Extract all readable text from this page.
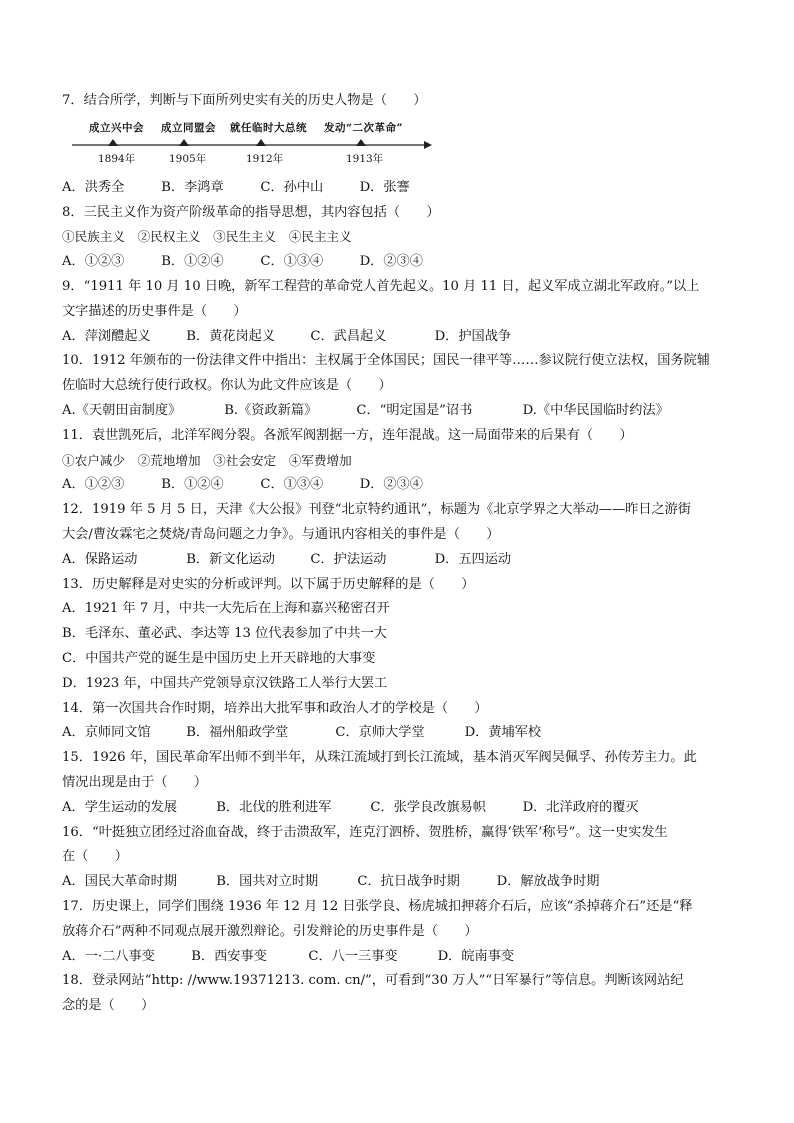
7．结合所学，判断与下面所列史实有关的历史人物是（　　）
成立兴中会 成立同盟会 就任临时大总统 发动“二次革命”
1894年	1905年	1912年	1913年
A．洪秀全	B．李鸿章	C．孙中山	D．张謇
8．三民主义作为资产阶级革命的指导思想，其内容包括（　　）
①民族主义　②民权主义　③民生主义　④民主主义
A．①②③	B．①②④	C．①③④	D．②③④
9．“1911 年 10 月 10 日晚，新军工程营的革命党人首先起义。10 月 11 日，起义军成立湖北军政府。”以上
文字描述的历史事件是（　　）
A．萍浏醴起义	B．黄花岗起义	C．武昌起义	D．护国战争
10．1912 年颁布的一份法律文件中指出：主权属于全体国民；国民一律平等……参议院行使立法权，国务院辅
佐临时大总统行使行政权。你认为此文件应该是（　　）
A.《天朝田亩制度》	B.《资政新篇》	C．“明定国是”诏书	D.《中华民国临时约法》
11．袁世凯死后，北洋军阀分裂。各派军阀割据一方，连年混战。这一局面带来的后果有（　　）
①农户减少　②荒地增加　③社会安定　④军费增加
A．①②③	B．①②④	C．①③④	D．②③④
12．1919 年 5 月 5 日，天津《大公报》刊登“北京特约通讯”，标题为《北京学界之大举动——昨日之游街
大会/曹汝霖宅之焚烧/青岛问题之力争》。与通讯内容相关的事件是（　　）
A．保路运动	B．新文化运动	C．护法运动	D．五四运动
13．历史解释是对史实的分析或评判。以下属于历史解释的是（　　）
A．1921 年 7 月，中共一大先后在上海和嘉兴秘密召开
B．毛泽东、董必武、李达等 13 位代表参加了中共一大
C．中国共产党的诞生是中国历史上开天辟地的大事变
D．1923 年，中国共产党领导京汉铁路工人举行大罢工
14．第一次国共合作时期，培养出大批军事和政治人才的学校是（　　）
A．京师同文馆	B．福州船政学堂	C．京师大学堂	D．黄埔军校
15．1926 年，国民革命军出师不到半年，从珠江流域打到长江流域，基本消灭军阀吴佩孚、孙传芳主力。此
情况出现是由于（　　）
A．学生运动的发展	B．北伐的胜利进军	C．张学良改旗易帜	D．北洋政府的覆灭
16．“叶挺独立团经过浴血奋战，终于击溃敌军，连克汀泗桥、贺胜桥，赢得‘铁军’称号”。这一史实发生
在（　　）
A．国民大革命时期	B．国共对立时期	C．抗日战争时期	D．解放战争时期
17．历史课上，同学们围绕 1936 年 12 月 12 日张学良、杨虎城扣押蒋介石后，应该“杀掉蒋介石”还是“释
放蒋介石”两种不同观点展开激烈辩论。引发辩论的历史事件是（　　）
A．一·二八事变	B．西安事变	C．八一三事变	D．皖南事变
18．登录网站“http: //www.19371213. com. cn/”，可看到“30 万人”“日军暴行”等信息。判断该网站纪
念的是（　　）
